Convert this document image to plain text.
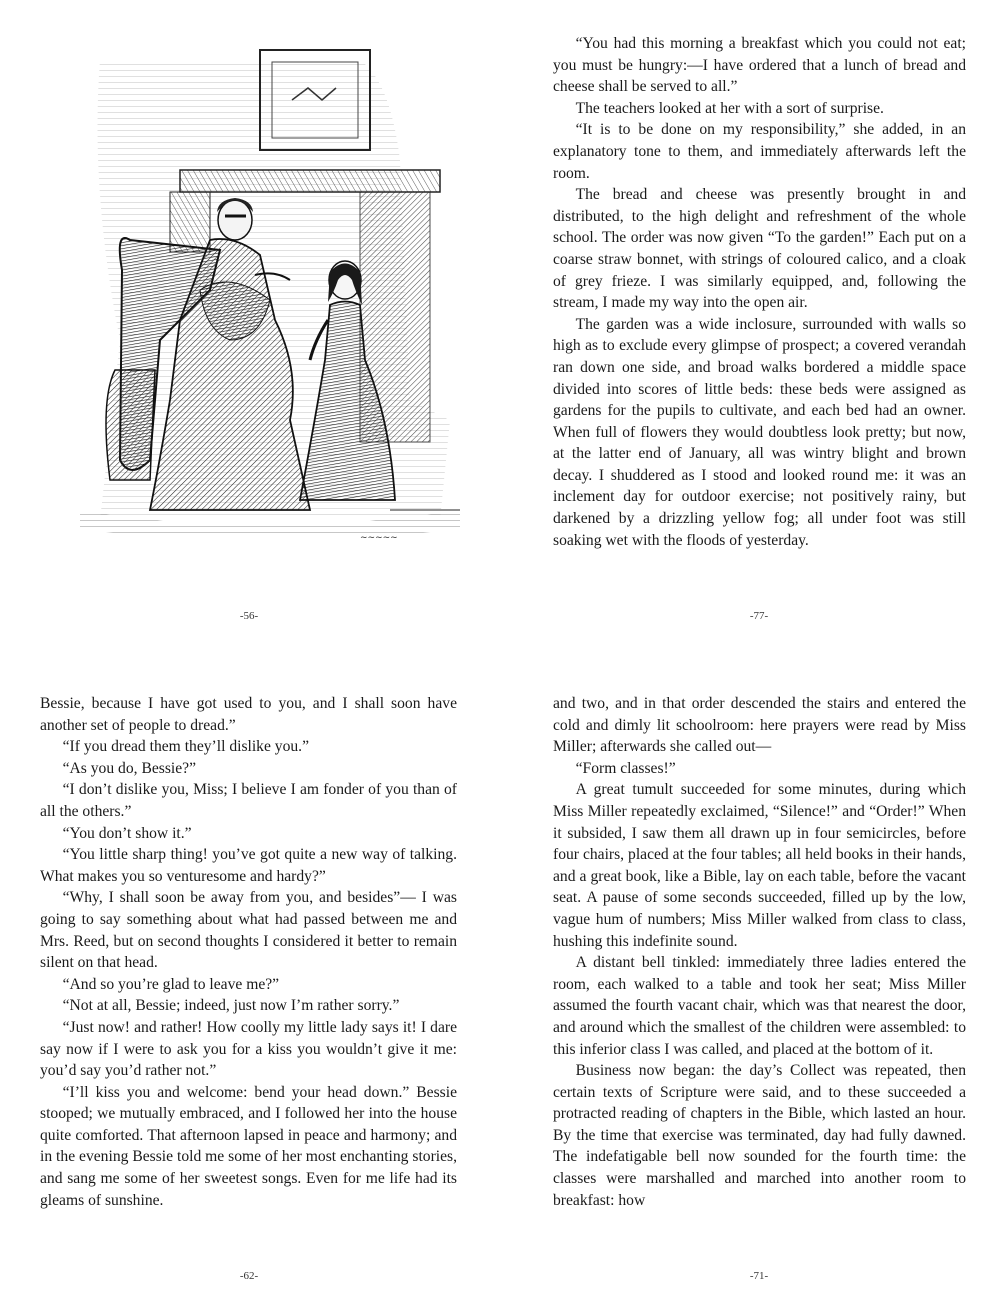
~~~~~
-56-

“You had this morning a breakfast which you could not eat; you must be hungry:—I have ordered that a lunch of bread and cheese shall be served to all.”

The teachers looked at her with a sort of surprise.

“It is to be done on my responsibility,” she added, in an explanatory tone to them, and immediately afterwards left the room.

The bread and cheese was presently brought in and distributed, to the high delight and refreshment of the whole school. The order was now given “To the garden!” Each put on a coarse straw bonnet, with strings of coloured calico, and a cloak of grey frieze. I was similarly equipped, and, following the stream, I made my way into the open air.

The garden was a wide inclosure, surrounded with walls so high as to exclude every glimpse of prospect; a covered verandah ran down one side, and broad walks bordered a middle space divided into scores of little beds: these beds were assigned as gardens for the pupils to cultivate, and each bed had an owner. When full of flowers they would doubtless look pretty; but now, at the latter end of January, all was wintry blight and brown decay. I shuddered as I stood and looked round me: it was an inclement day for outdoor exercise; not positively rainy, but darkened by a drizzling yellow fog; all under foot was still soaking wet with the floods of yesterday.

-77-

Bessie, because I have got used to you, and I shall soon have another set of people to dread.”

“If you dread them they’ll dislike you.”

“As you do, Bessie?”

“I don’t dislike you, Miss; I believe I am fonder of you than of all the others.”

“You don’t show it.”

“You little sharp thing! you’ve got quite a new way of talking. What makes you so venturesome and hardy?”

“Why, I shall soon be away from you, and besides”— I was going to say something about what had passed between me and Mrs. Reed, but on second thoughts I considered it better to remain silent on that head.

“And so you’re glad to leave me?”

“Not at all, Bessie; indeed, just now I’m rather sorry.”

“Just now! and rather! How coolly my little lady says it! I dare say now if I were to ask you for a kiss you wouldn’t give it me: you’d say you’d rather not.”

“I’ll kiss you and welcome: bend your head down.” Bessie stooped; we mutually embraced, and I followed her into the house quite comforted. That afternoon lapsed in peace and harmony; and in the evening Bessie told me some of her most enchanting stories, and sang me some of her sweetest songs. Even for me life had its gleams of sunshine.

-62-

and two, and in that order descended the stairs and entered the cold and dimly lit schoolroom: here prayers were read by Miss Miller; afterwards she called out—

“Form classes!”

A great tumult succeeded for some minutes, during which Miss Miller repeatedly exclaimed, “Silence!” and “Order!” When it subsided, I saw them all drawn up in four semicircles, before four chairs, placed at the four tables; all held books in their hands, and a great book, like a Bible, lay on each table, before the vacant seat. A pause of some seconds succeeded, filled up by the low, vague hum of numbers; Miss Miller walked from class to class, hushing this indefinite sound.

A distant bell tinkled: immediately three ladies entered the room, each walked to a table and took her seat; Miss Miller assumed the fourth vacant chair, which was that nearest the door, and around which the smallest of the children were assembled: to this inferior class I was called, and placed at the bottom of it.

Business now began: the day’s Collect was repeated, then certain texts of Scripture were said, and to these succeeded a protracted reading of chapters in the Bible, which lasted an hour. By the time that exercise was terminated, day had fully dawned. The indefatigable bell now sounded for the fourth time: the classes were marshalled and marched into another room to breakfast: how

-71-
